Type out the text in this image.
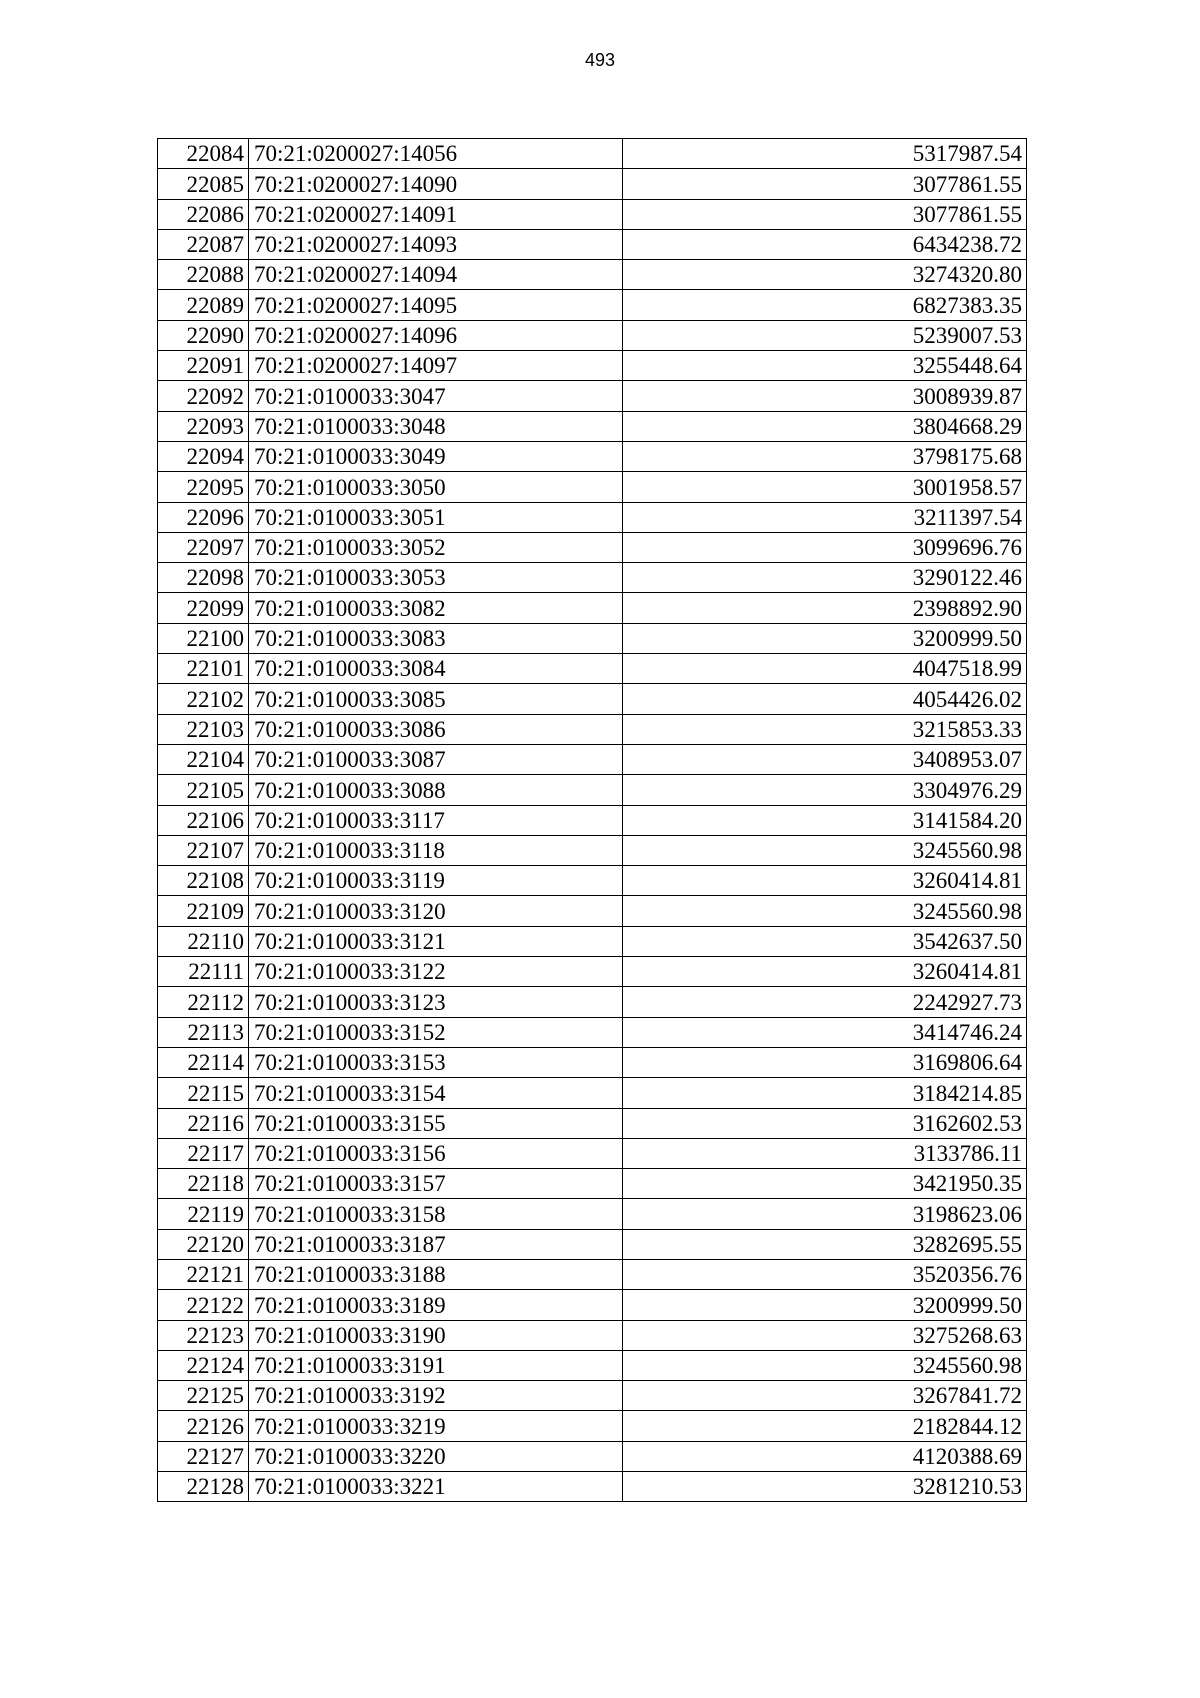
493
22084	70:21:0200027:14056	5317987.54
22085	70:21:0200027:14090	3077861.55
22086	70:21:0200027:14091	3077861.55
22087	70:21:0200027:14093	6434238.72
22088	70:21:0200027:14094	3274320.80
22089	70:21:0200027:14095	6827383.35
22090	70:21:0200027:14096	5239007.53
22091	70:21:0200027:14097	3255448.64
22092	70:21:0100033:3047	3008939.87
22093	70:21:0100033:3048	3804668.29
22094	70:21:0100033:3049	3798175.68
22095	70:21:0100033:3050	3001958.57
22096	70:21:0100033:3051	3211397.54
22097	70:21:0100033:3052	3099696.76
22098	70:21:0100033:3053	3290122.46
22099	70:21:0100033:3082	2398892.90
22100	70:21:0100033:3083	3200999.50
22101	70:21:0100033:3084	4047518.99
22102	70:21:0100033:3085	4054426.02
22103	70:21:0100033:3086	3215853.33
22104	70:21:0100033:3087	3408953.07
22105	70:21:0100033:3088	3304976.29
22106	70:21:0100033:3117	3141584.20
22107	70:21:0100033:3118	3245560.98
22108	70:21:0100033:3119	3260414.81
22109	70:21:0100033:3120	3245560.98
22110	70:21:0100033:3121	3542637.50
22111	70:21:0100033:3122	3260414.81
22112	70:21:0100033:3123	2242927.73
22113	70:21:0100033:3152	3414746.24
22114	70:21:0100033:3153	3169806.64
22115	70:21:0100033:3154	3184214.85
22116	70:21:0100033:3155	3162602.53
22117	70:21:0100033:3156	3133786.11
22118	70:21:0100033:3157	3421950.35
22119	70:21:0100033:3158	3198623.06
22120	70:21:0100033:3187	3282695.55
22121	70:21:0100033:3188	3520356.76
22122	70:21:0100033:3189	3200999.50
22123	70:21:0100033:3190	3275268.63
22124	70:21:0100033:3191	3245560.98
22125	70:21:0100033:3192	3267841.72
22126	70:21:0100033:3219	2182844.12
22127	70:21:0100033:3220	4120388.69
22128	70:21:0100033:3221	3281210.53
